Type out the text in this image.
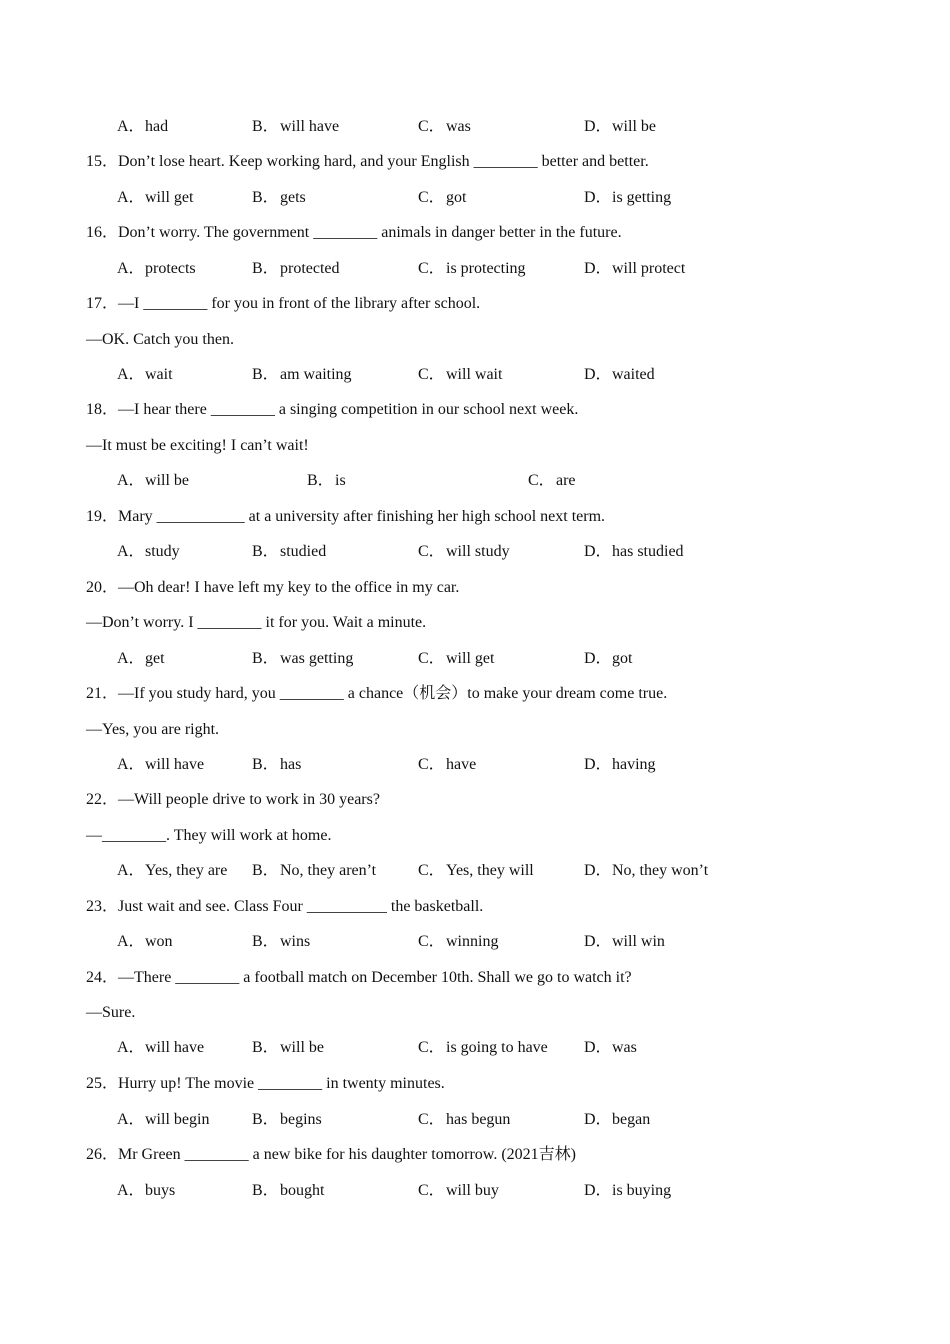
A．had	B．will have	C．was	D．will be
15．Don’t lose heart. Keep working hard, and your English ________ better and better.
A．will get	B．gets	C．got	D．is getting
16．Don’t worry. The government ________ animals in danger better in the future.
A．protects	B．protected	C．is protecting	D．will protect
17．—I ________ for you in front of the library after school.
—OK. Catch you then.
A．wait	B．am waiting	C．will wait	D．waited
18．—I hear there ________ a singing competition in our school next week.
—It must be exciting! I can’t wait!
A．will be	B．is	C．are
19．Mary ___________ at a university after finishing her high school next term.
A．study	B．studied	C．will study	D．has studied
20．—Oh dear! I have left my key to the office in my car.
—Don’t worry. I ________ it for you. Wait a minute.
A．get	B．was getting	C．will get	D．got
21．—If you study hard, you ________ a chance（机会）to make your dream come true.
—Yes, you are right.
A．will have	B．has	C．have	D．having
22．—Will people drive to work in 30 years?
—________. They will work at home.
A．Yes, they are B．No, they aren’t	C．Yes, they will	D．No, they won’t
23．Just wait and see. Class Four __________ the basketball.
A．won	B．wins	C．winning	D．will win
24．—There ________ a football match on December 10th. Shall we go to watch it?
—Sure.
A．will have	B．will be	C．is going to have D．was
25．Hurry up! The movie ________ in twenty minutes.
A．will begin	B．begins	C．has begun	D．began
26．Mr Green ________ a new bike for his daughter tomorrow. (2021吉林)
A．buys	B．bought	C．will buy	D．is buying
